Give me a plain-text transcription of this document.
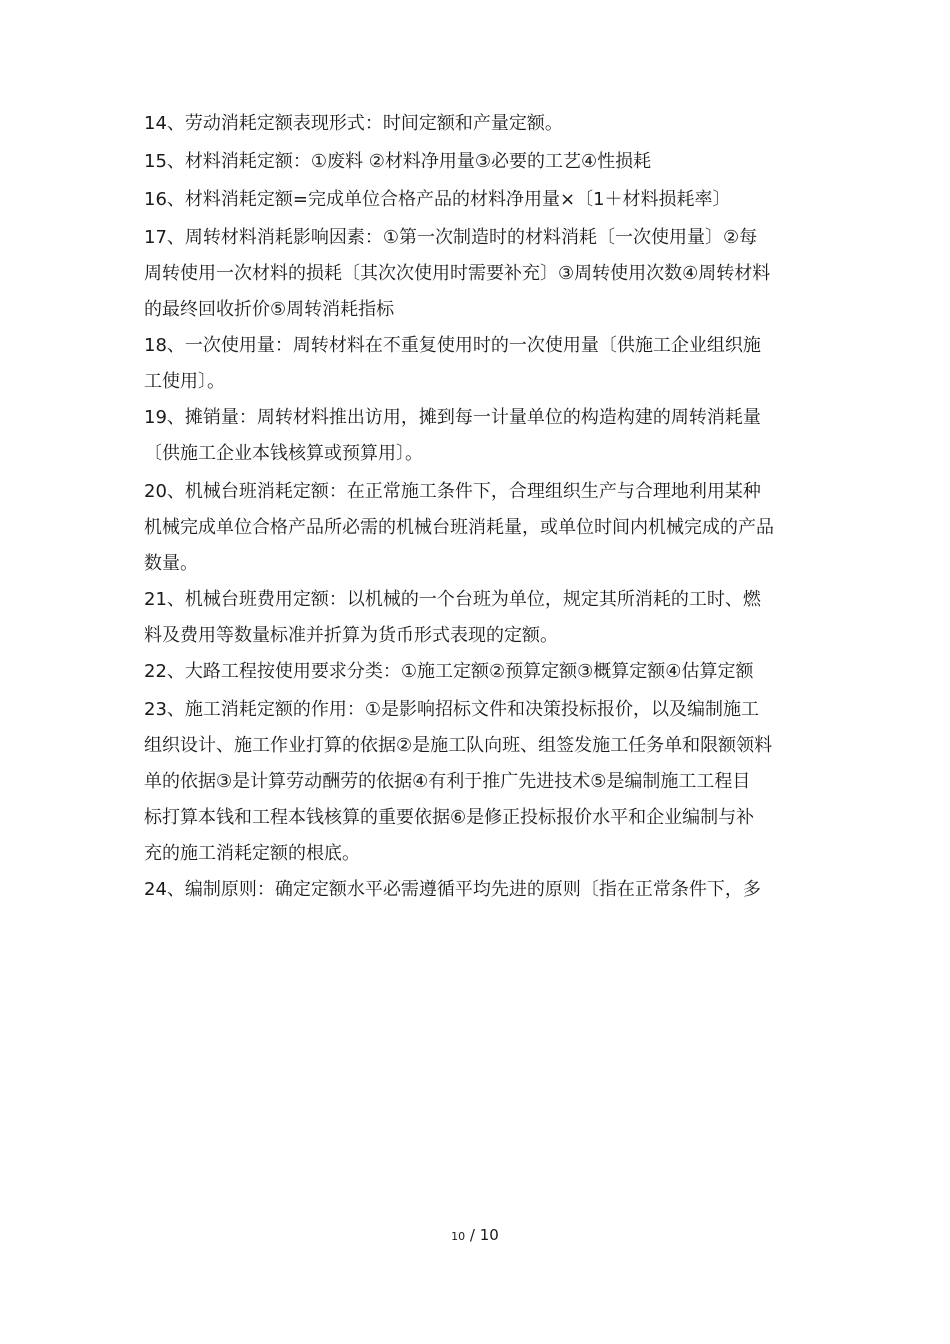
14、劳动消耗定额表现形式：时间定额和产量定额。

15、材料消耗定额：①废料 ②材料净用量③必要的工艺④性损耗

16、材料消耗定额=完成单位合格产品的材料净用量×〔1＋材料损耗率〕

17、周转材料消耗影响因素：①第一次制造时的材料消耗〔一次使用量〕②每
周转使用一次材料的损耗〔其次次使用时需要补充〕③周转使用次数④周转材料
的最终回收折价⑤周转消耗指标

18、一次使用量：周转材料在不重复使用时的一次使用量〔供施工企业组织施
工使用〕。

19、摊销量：周转材料推出访用，摊到每一计量单位的构造构建的周转消耗量
〔供施工企业本钱核算或预算用〕。

20、机械台班消耗定额：在正常施工条件下，合理组织生产与合理地利用某种
机械完成单位合格产品所必需的机械台班消耗量，或单位时间内机械完成的产品
数量。

21、机械台班费用定额：以机械的一个台班为单位，规定其所消耗的工时、燃
料及费用等数量标准并折算为货币形式表现的定额。

22、大路工程按使用要求分类：①施工定额②预算定额③概算定额④估算定额

23、施工消耗定额的作用：①是影响招标文件和决策投标报价，以及编制施工
组织设计、施工作业打算的依据②是施工队向班、组签发施工任务单和限额领料
单的依据③是计算劳动酬劳的依据④有利于推广先进技术⑤是编制施工工程目
标打算本钱和工程本钱核算的重要依据⑥是修正投标报价水平和企业编制与补
充的施工消耗定额的根底。

24、编制原则：确定定额水平必需遵循平均先进的原则〔指在正常条件下，多

10 / 10
